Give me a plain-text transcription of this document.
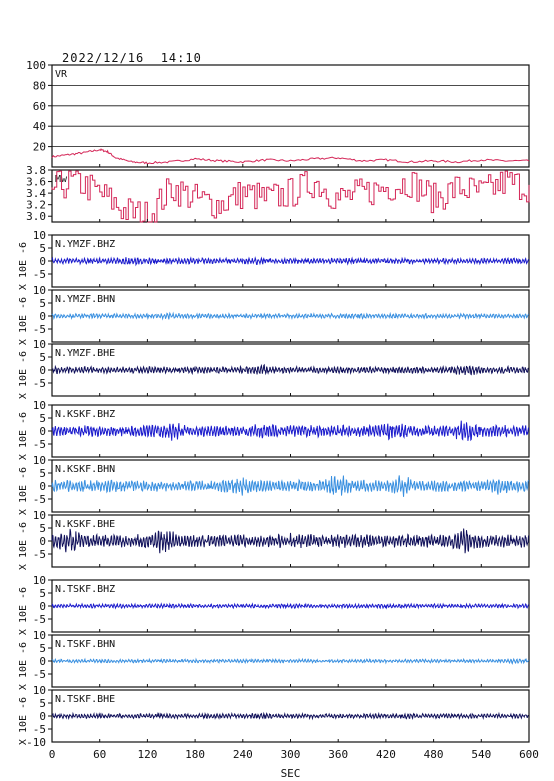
2022/12/16  14:10
20
40
60
80
100
VR
3.0
3.2
3.4
3.6
3.8
Mw
-5
0
5
10
N.YMZF.BHZ
X 10E -6
-5
0
5
10
N.YMZF.BHN
X 10E -6
-5
0
5
10
N.YMZF.BHE
X 10E -6
-5
0
5
10
N.KSKF.BHZ
X 10E -6
-5
0
5
10
N.KSKF.BHN
X 10E -6
-5
0
5
10
N.KSKF.BHE
X 10E -6
-5
0
5
10
N.TSKF.BHZ
X 10E -6
-5
0
5
10
N.TSKF.BHN
X 10E -6
-5
0
5
10
N.TSKF.BHE
X 10E -6
0	60	120	180	240	300	360	420	480	540	600
SEC
-10
